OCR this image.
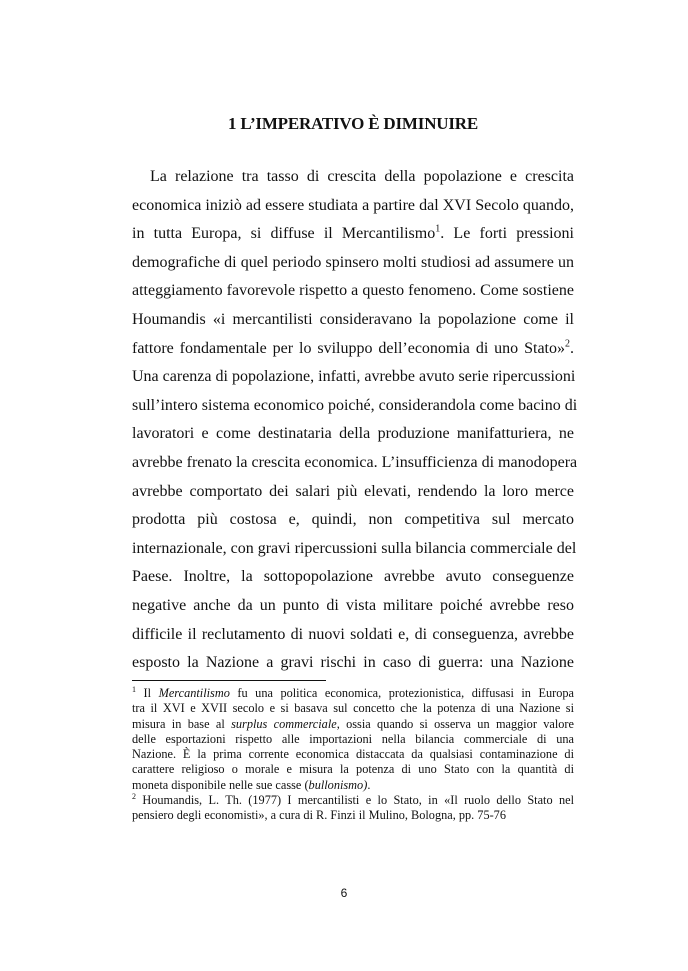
1 L’IMPERATIVO È DIMINUIRE
La relazione tra tasso di crescita della popolazione e crescita
economica iniziò ad essere studiata a partire dal XVI Secolo quando,
in tutta Europa, si diffuse il Mercantilismo$^1$. Le forti pressioni
demografiche di quel periodo spinsero molti studiosi ad assumere un
atteggiamento favorevole rispetto a questo fenomeno. Come sostiene
Houmandis «i mercantilisti consideravano la popolazione come il
fattore fondamentale per lo sviluppo dell’economia di uno Stato»$^2$.
Una carenza di popolazione, infatti, avrebbe avuto serie ripercussioni
sull’intero sistema economico poiché, considerandola come bacino di
lavoratori e come destinataria della produzione manifatturiera, ne
avrebbe frenato la crescita economica. L’insufficienza di manodopera
avrebbe comportato dei salari più elevati, rendendo la loro merce
prodotta più costosa e, quindi, non competitiva sul mercato
internazionale, con gravi ripercussioni sulla bilancia commerciale del
Paese. Inoltre, la sottopopolazione avrebbe avuto conseguenze
negative anche da un punto di vista militare poiché avrebbe reso
difficile il reclutamento di nuovi soldati e, di conseguenza, avrebbe
esposto la Nazione a gravi rischi in caso di guerra: una Nazione
$^1$ Il Mercantilismo fu una politica economica, protezionistica, diffusasi in Europa
tra il XVI e XVII secolo e si basava sul concetto che la potenza di una Nazione si
misura in base al surplus commerciale, ossia quando si osserva un maggior valore
delle esportazioni rispetto alle importazioni nella bilancia commerciale di una
Nazione. È la prima corrente economica distaccata da qualsiasi contaminazione di
carattere religioso o morale e misura la potenza di uno Stato con la quantità di
moneta disponibile nelle sue casse (bullonismo).
$^2$ Houmandis, L. Th. (1977) I mercantilisti e lo Stato, in «Il ruolo dello Stato nel
pensiero degli economisti», a cura di R. Finzi il Mulino, Bologna, pp. 75-76
6
